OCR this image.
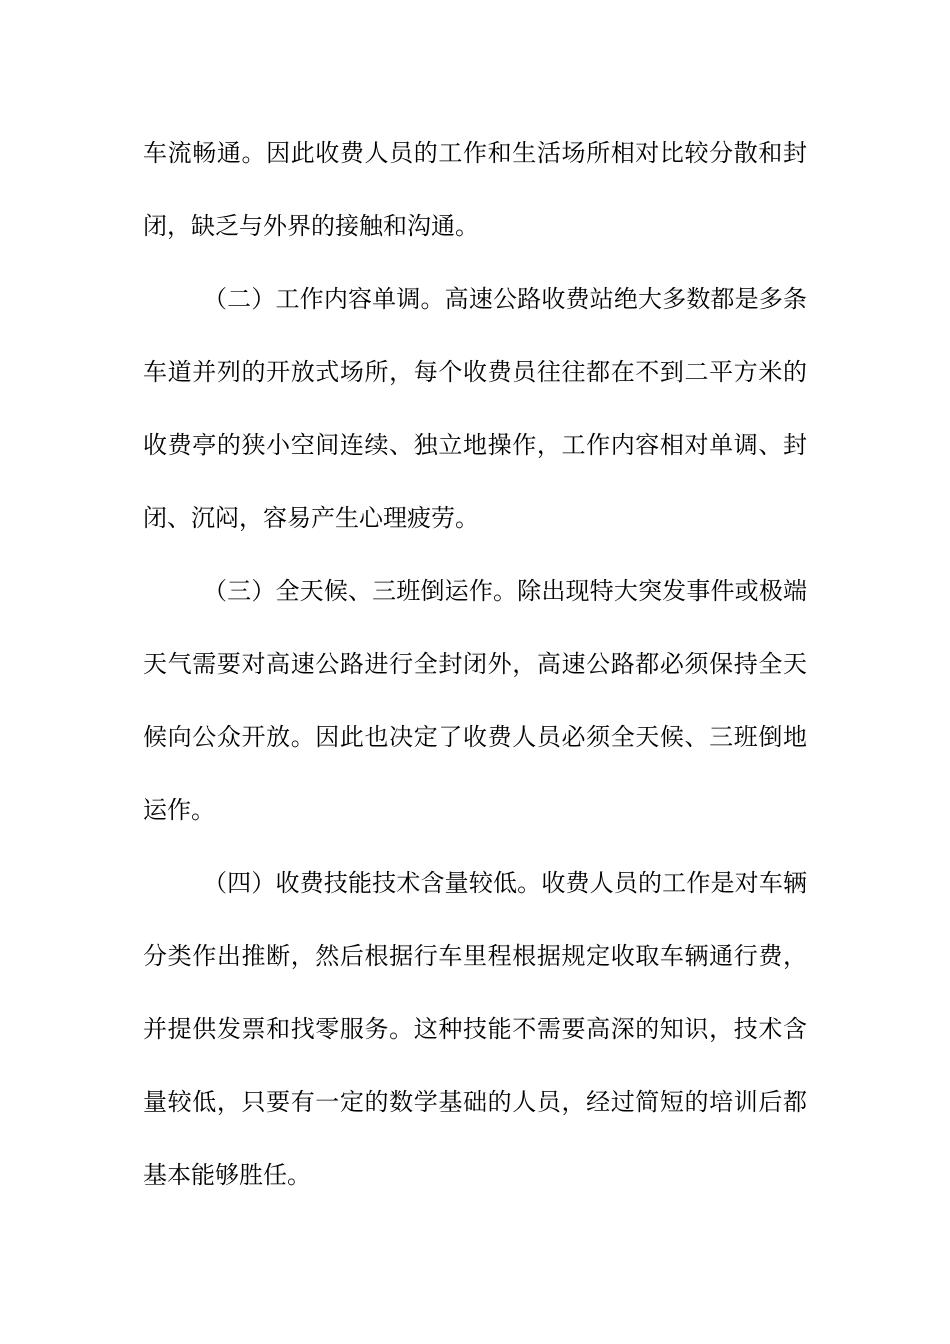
车流畅通。因此收费人员的工作和生活场所相对比较分散和封
闭，缺乏与外界的接触和沟通。
（二）工作内容单调。高速公路收费站绝大多数都是多条
车道并列的开放式场所，每个收费员往往都在不到二平方米的
收费亭的狭小空间连续、独立地操作，工作内容相对单调、封
闭、沉闷，容易产生心理疲劳。
（三）全天候、三班倒运作。除出现特大突发事件或极端
天气需要对高速公路进行全封闭外，高速公路都必须保持全天
候向公众开放。因此也决定了收费人员必须全天候、三班倒地
运作。
（四）收费技能技术含量较低。收费人员的工作是对车辆
分类作出推断，然后根据行车里程根据规定收取车辆通行费，
并提供发票和找零服务。这种技能不需要高深的知识，技术含
量较低，只要有一定的数学基础的人员，经过简短的培训后都
基本能够胜任。
